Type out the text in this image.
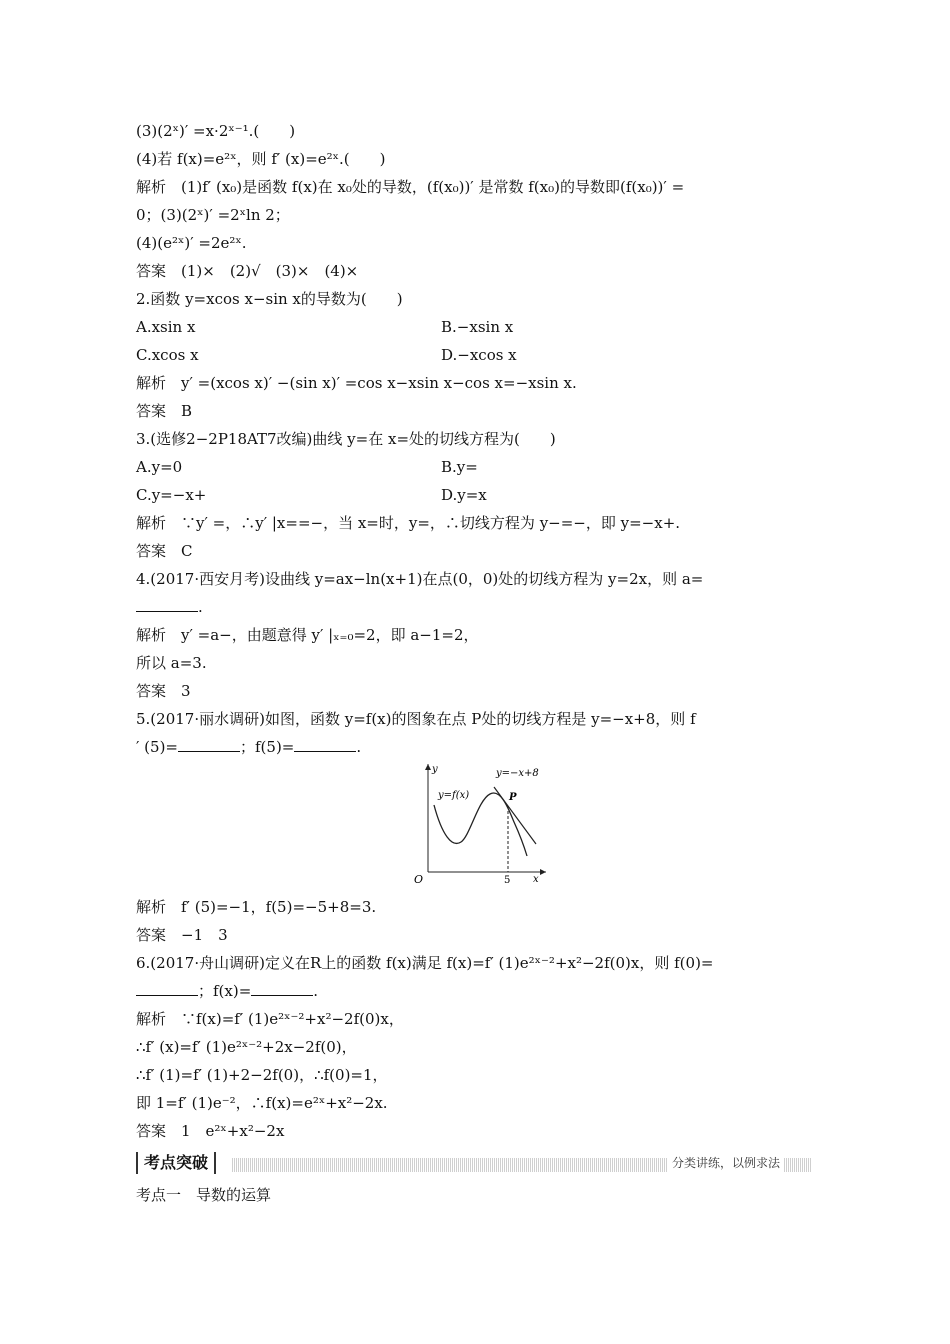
(3)(2ˣ)′ =x·2ˣ⁻¹.(　　)
(4)若 f(x)=e²ˣ，则 f′ (x)=e²ˣ.(　　)
解析　(1)f′ (x₀)是函数 f(x)在 x₀处的导数，(f(x₀))′ 是常数 f(x₀)的导数即(f(x₀))′ =
0；(3)(2ˣ)′ =2ˣln 2；
(4)(e²ˣ)′ =2e²ˣ.
答案　(1)×　(2)√　(3)×　(4)×
2.函数 y=xcos x−sin x的导数为(　　)
A.xsin x	B.−xsin x
C.xcos x	D.−xcos x
解析　y′ =(xcos x)′ −(sin x)′ =cos x−xsin x−cos x=−xsin x.
答案　B
3.(选修2−2P18AT7改编)曲线 y=在 x=处的切线方程为(　　)
A.y=0	B.y=
C.y=−x+	D.y=x
解析　∵y′ =，∴y′ |x==−，当 x=时，y=，∴切线方程为 y−=−，即 y=−x+.
答案　C
4.(2017·西安月考)设曲线 y=ax−ln(x+1)在点(0，0)处的切线方程为 y=2x，则 a=
.
解析　y′ =a−，由题意得 y′ |ₓ₌₀=2，即 a−1=2，
所以 a=3.
答案　3
5.(2017·丽水调研)如图，函数 y=f(x)的图象在点 P处的切线方程是 y=−x+8，则 f
′ (5)=	；f(5)=	.
y
x
O	5
y=−x+8
y=f(x)	P
解析　f′ (5)=−1，f(5)=−5+8=3.
答案　−1　3
6.(2017·舟山调研)定义在R上的函数 f(x)满足 f(x)=f′ (1)e²ˣ⁻²+x²−2f(0)x，则 f(0)=
；f(x)=	.
解析　∵f(x)=f′ (1)e²ˣ⁻²+x²−2f(0)x，
∴f′ (x)=f′ (1)e²ˣ⁻²+2x−2f(0)，
∴f′ (1)=f′ (1)+2−2f(0)，∴f(0)=1，
即 1=f′ (1)e⁻²，∴f(x)=e²ˣ+x²−2x.
答案　1　e²ˣ+x²−2x
考点突破	分类讲练，以例求法
考点一　导数的运算
